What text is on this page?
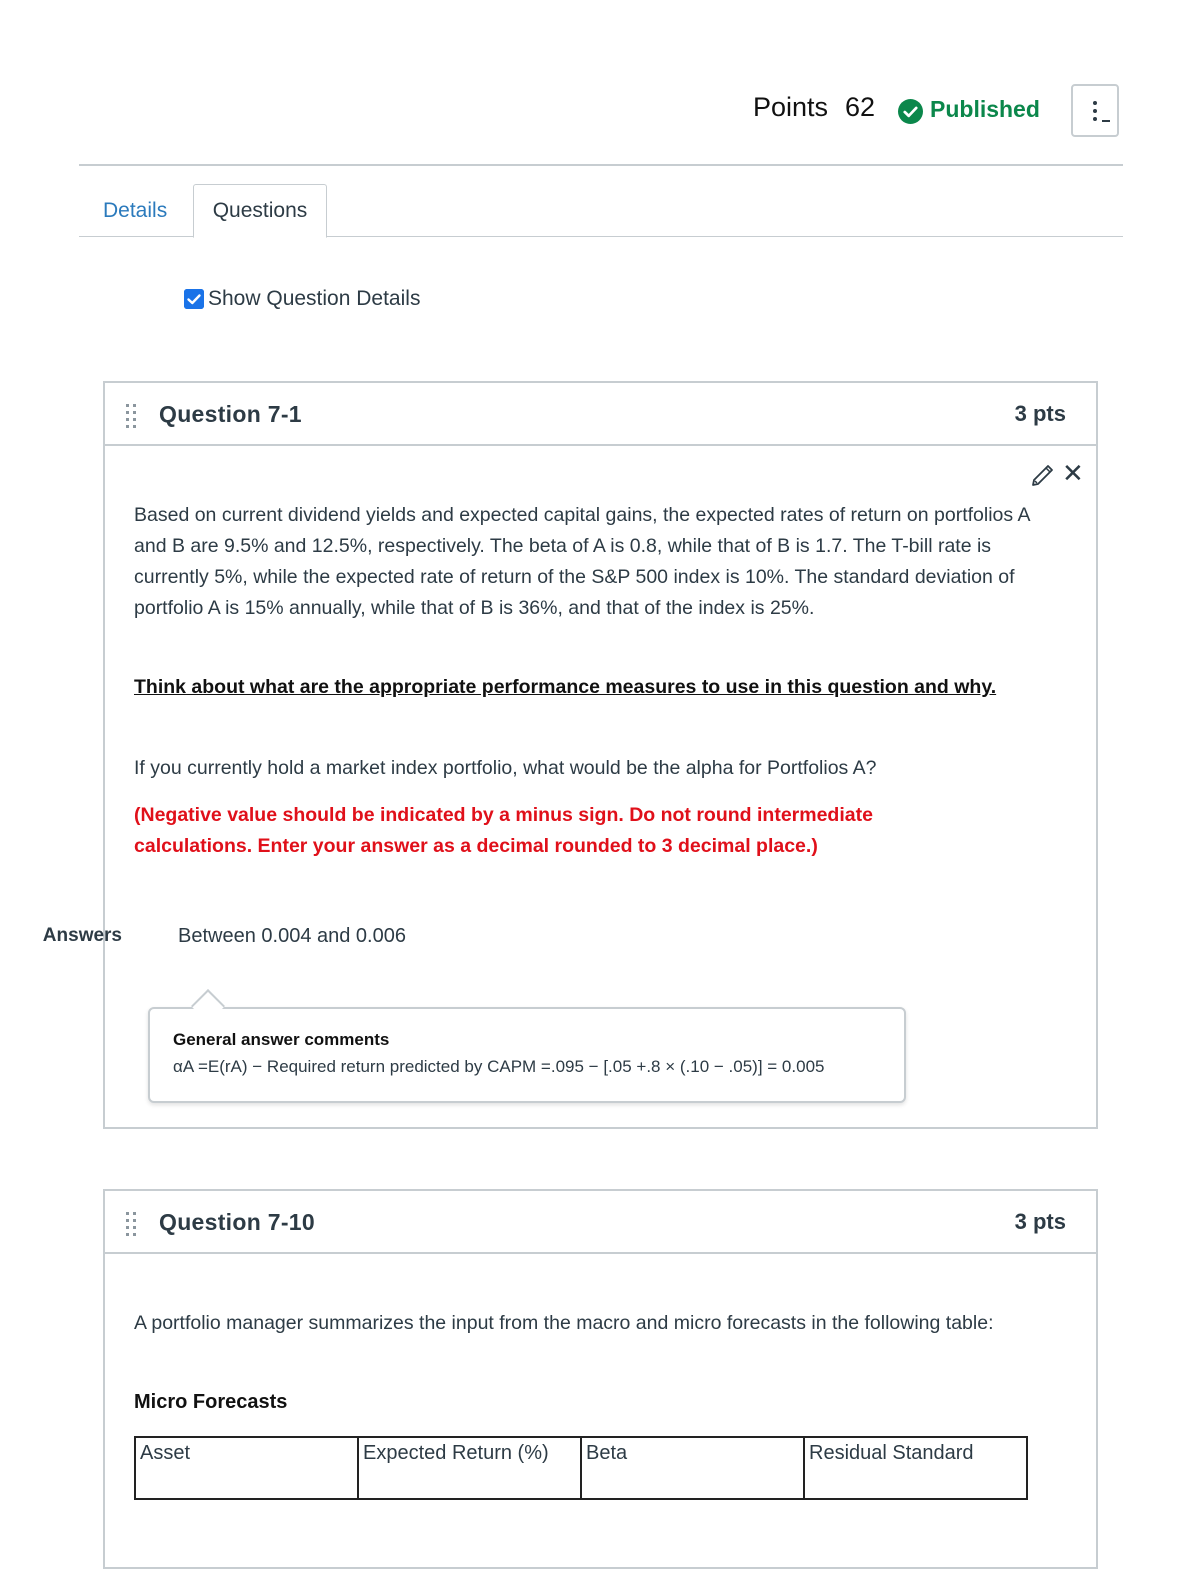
Points 62 Published
Details	Questions
Show Question Details
Question 7-1	3 pts
✕
Based on current dividend yields and expected capital gains, the expected rates of return on portfolios A and B are 9.5% and 12.5%, respectively. The beta of A is 0.8, while that of B is 1.7. The T-bill rate is currently 5%, while the expected rate of return of the S&P 500 index is 10%. The standard deviation of portfolio A is 15% annually, while that of B is 36%, and that of the index is 25%.
Think about what are the appropriate performance measures to use in this question and why.
If you currently hold a market index portfolio, what would be the alpha for Portfolios A?
(Negative value should be indicated by a minus sign. Do not round intermediate calculations. Enter your answer as a decimal rounded to 3 decimal place.)
Answers	Between 0.004 and 0.006
General answer comments
αA =E(rA) − Required return predicted by CAPM =.095 − [.05 +.8 × (.10 − .05)] = 0.005
Question 7-10	3 pts
A portfolio manager summarizes the input from the macro and micro forecasts in the following table:
Micro Forecasts
Asset	Expected Return (%)	Beta	Residual Standard
